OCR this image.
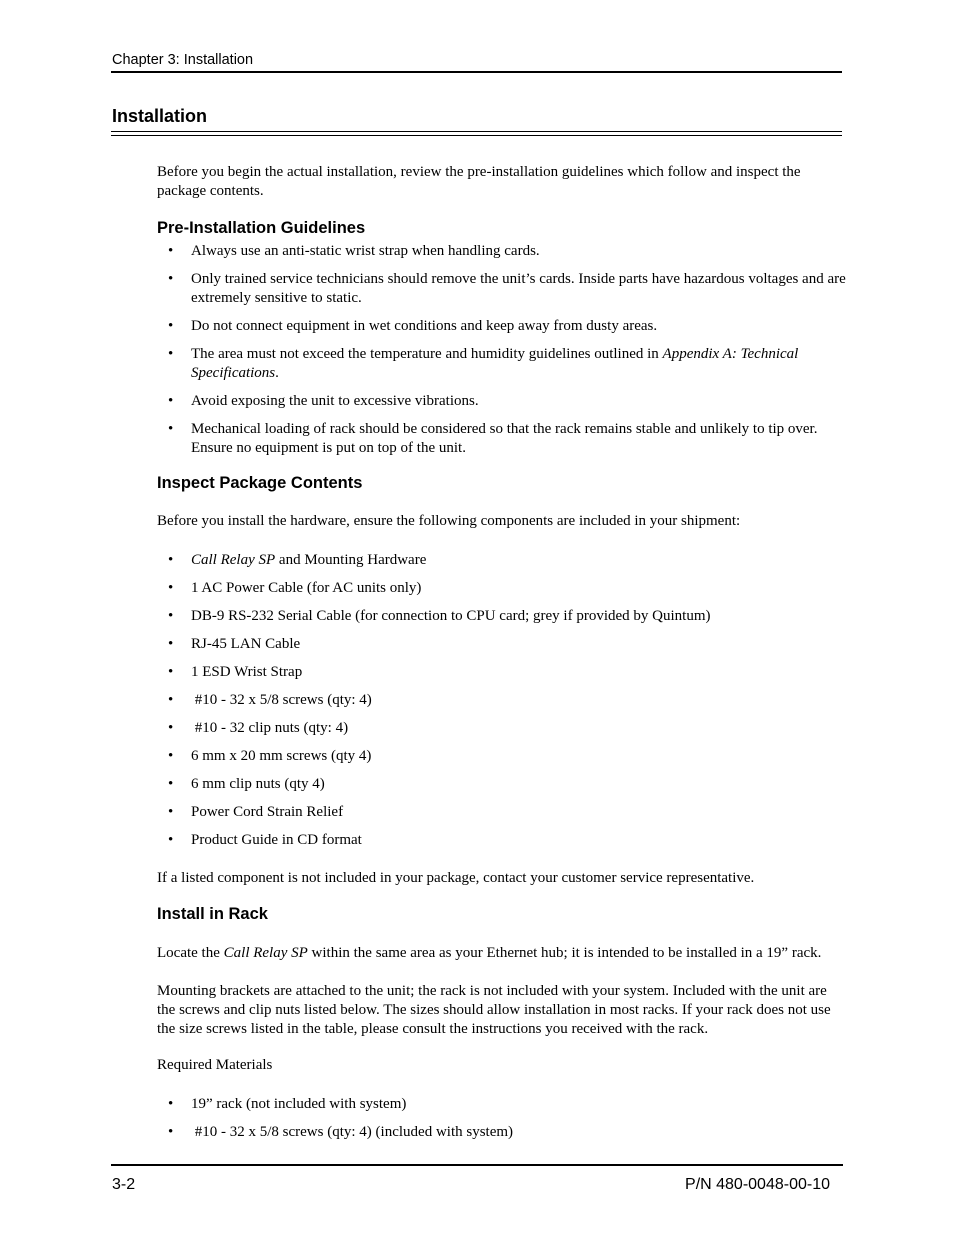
Chapter 3: Installation
Installation
Before you begin the actual installation, review the pre-installation guidelines which follow and inspect the package contents.
Pre-Installation Guidelines
• Always use an anti-static wrist strap when handling cards.
• Only trained service technicians should remove the unit’s cards. Inside parts have hazardous voltages and are extremely sensitive to static.
• Do not connect equipment in wet conditions and keep away from dusty areas.
• The area must not exceed the temperature and humidity guidelines outlined in Appendix A: Technical Specifications.
• Avoid exposing the unit to excessive vibrations.
• Mechanical loading of rack should be considered so that the rack remains stable and unlikely to tip over. Ensure no equipment is put on top of the unit.
Inspect Package Contents
Before you install the hardware, ensure the following components are included in your shipment:
• Call Relay SP and Mounting Hardware
• 1 AC Power Cable (for AC units only)
• DB-9 RS-232 Serial Cable (for connection to CPU card; grey if provided by Quintum)
• RJ-45 LAN Cable
• 1 ESD Wrist Strap
• #10 - 32 x 5/8 screws (qty: 4)
• #10 - 32 clip nuts (qty: 4)
• 6 mm x 20 mm screws (qty 4)
• 6 mm clip nuts (qty 4)
• Power Cord Strain Relief
• Product Guide in CD format
If a listed component is not included in your package, contact your customer service representative.
Install in Rack
Locate the Call Relay SP within the same area as your Ethernet hub; it is intended to be installed in a 19” rack.
Mounting brackets are attached to the unit; the rack is not included with your system. Included with the unit are the screws and clip nuts listed below. The sizes should allow installation in most racks. If your rack does not use the size screws listed in the table, please consult the instructions you received with the rack.
Required Materials
• 19” rack (not included with system)
• #10 - 32 x 5/8 screws (qty: 4) (included with system)
3-2	P/N 480-0048-00-10
